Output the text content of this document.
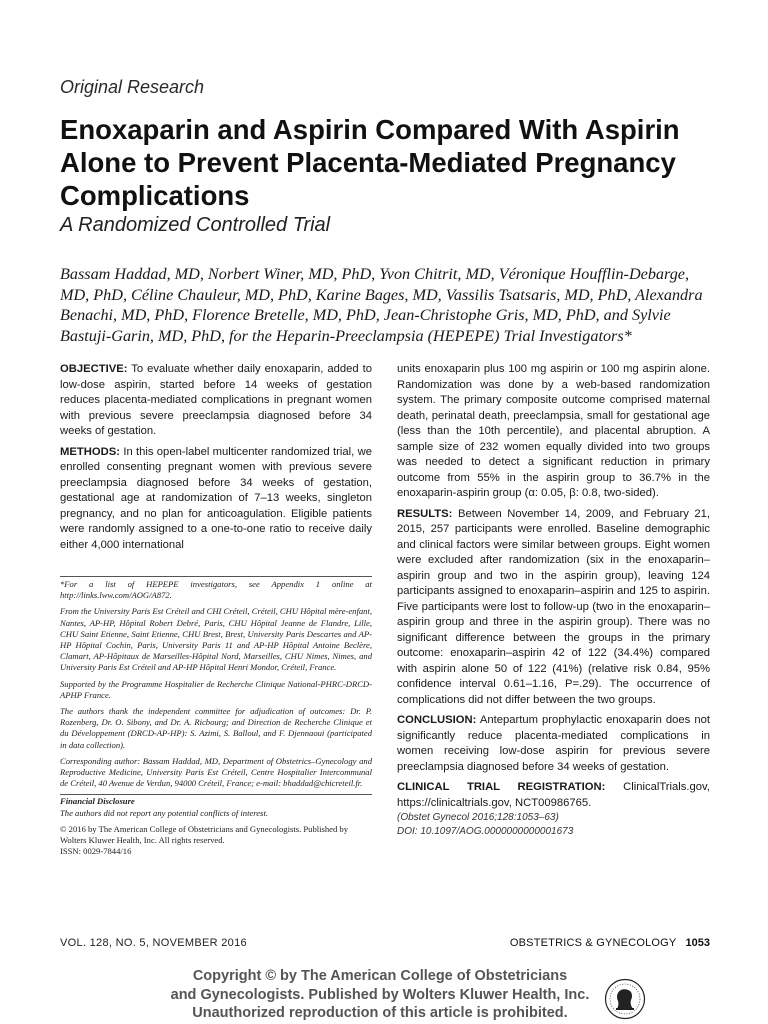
Original Research
Enoxaparin and Aspirin Compared With Aspirin Alone to Prevent Placenta-Mediated Pregnancy Complications
A Randomized Controlled Trial
Bassam Haddad, MD, Norbert Winer, MD, PhD, Yvon Chitrit, MD, Véronique Houfflin-Debarge, MD, PhD, Céline Chauleur, MD, PhD, Karine Bages, MD, Vassilis Tsatsaris, MD, PhD, Alexandra Benachi, MD, PhD, Florence Bretelle, MD, PhD, Jean-Christophe Gris, MD, PhD, and Sylvie Bastuji-Garin, MD, PhD, for the Heparin-Preeclampsia (HEPEPE) Trial Investigators*

OBJECTIVE: To evaluate whether daily enoxaparin, added to low-dose aspirin, started before 14 weeks of gestation reduces placenta-mediated complications in pregnant women with previous severe preeclampsia diagnosed before 34 weeks of gestation.

METHODS: In this open-label multicenter randomized trial, we enrolled consenting pregnant women with previous severe preeclampsia diagnosed before 34 weeks of gestation, gestational age at randomization of 7–13 weeks, singleton pregnancy, and no plan for anticoagulation. Eligible patients were randomly assigned to a one-to-one ratio to receive daily either 4,000 international

*For a list of HEPEPE investigators, see Appendix 1 online at http://links.lww.com/AOG/A872.

From the University Paris Est Créteil and CHI Créteil, Créteil, CHU Hôpital mère-enfant, Nantes, AP-HP, Hôpital Robert Debré, Paris, CHU Hôpital Jeanne de Flandre, Lille, CHU Saint Etienne, Saint Etienne, CHU Brest, Brest, University Paris Descartes and AP-HP Hôpital Cochin, Paris, University Paris 11 and AP-HP Hôpital Antoine Beclère, Clamart, AP-Hôpitaux de Marseilles-Hôpital Nord, Marseilles, CHU Nimes, Nimes, and University Paris Est Créteil and AP-HP Hôpital Henri Mondor, Créteil, France.

Supported by the Programme Hospitalier de Recherche Clinique National-PHRC-DRCD-APHP France.

The authors thank the independent committee for adjudication of outcomes: Dr. P. Rozenberg, Dr. O. Sibony, and Dr. A. Ricbourg; and Direction de Recherche Clinique et du Développement (DRCD-AP-HP): S. Azimi, S. Balloul, and F. Djennaoui (participated in data collection).

Corresponding author: Bassam Haddad, MD, Department of Obstetrics–Gynecology and Reproductive Medicine, University Paris Est Créteil, Centre Hospitalier Intercommunal de Créteil, 40 Avenue de Verdun, 94000 Créteil, France; e-mail: bhaddad@chicreteil.fr.

Financial Disclosure

The authors did not report any potential conflicts of interest.

© 2016 by The American College of Obstetricians and Gynecologists. Published by Wolters Kluwer Health, Inc. All rights reserved.

ISSN: 0029-7844/16

units enoxaparin plus 100 mg aspirin or 100 mg aspirin alone. Randomization was done by a web-based randomization system. The primary composite outcome comprised maternal death, perinatal death, preeclampsia, small for gestational age (less than the 10th percentile), and placental abruption. A sample size of 232 women equally divided into two groups was needed to detect a significant reduction in primary outcome from 55% in the aspirin group to 36.7% in the enoxaparin-aspirin group (α: 0.05, β: 0.8, two-sided).

RESULTS: Between November 14, 2009, and February 21, 2015, 257 participants were enrolled. Baseline demographic and clinical factors were similar between groups. Eight women were excluded after randomization (six in the enoxaparin–aspirin group and two in the aspirin group), leaving 124 participants assigned to enoxaparin–aspirin and 125 to aspirin. Five participants were lost to follow-up (two in the enoxaparin–aspirin group and three in the aspirin group). There was no significant difference between the groups in the primary outcome: enoxaparin–aspirin 42 of 122 (34.4%) compared with aspirin alone 50 of 122 (41%) (relative risk 0.84, 95% confidence interval 0.61–1.16, P=.29). The occurrence of complications did not differ between the two groups.

CONCLUSION: Antepartum prophylactic enoxaparin does not significantly reduce placenta-mediated complications in women receiving low-dose aspirin for previous severe preeclampsia diagnosed before 34 weeks of gestation.

CLINICAL TRIAL REGISTRATION: ClinicalTrials.gov, https://clinicaltrials.gov, NCT00986765.
(Obstet Gynecol 2016;128:1053–63)
DOI: 10.1097/AOG.0000000000001673

VOL. 128, NO. 5, NOVEMBER 2016	OBSTETRICS & GYNECOLOGY 1053
Copyright © by The American College of Obstetricians
and Gynecologists. Published by Wolters Kluwer Health, Inc.
Unauthorized reproduction of this article is prohibited.
